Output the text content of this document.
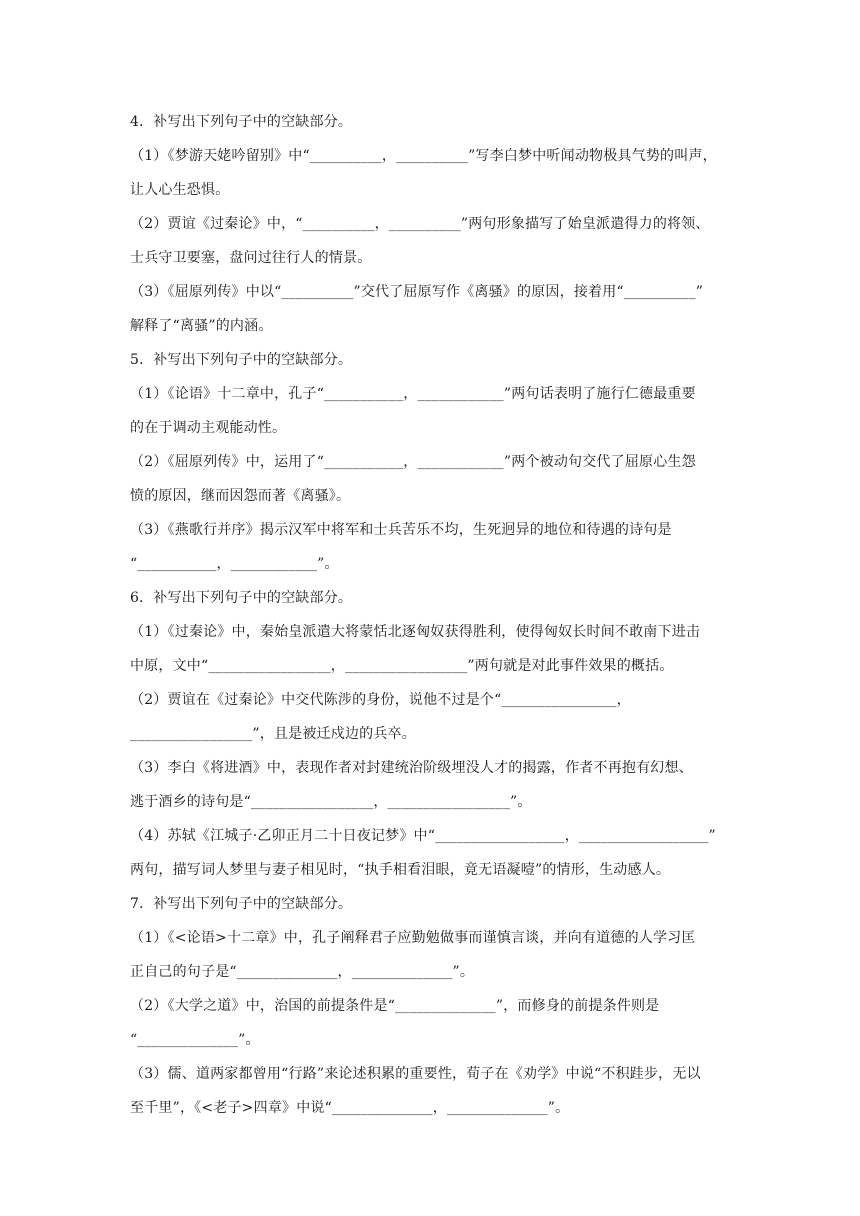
4．补写出下列句子中的空缺部分。
（1）《梦游天姥吟留别》中“__________，__________”写李白梦中听闻动物极具气势的叫声，
让人心生恐惧。
（2）贾谊《过秦论》中，“__________，__________”两句形象描写了始皇派遣得力的将领、
士兵守卫要塞，盘问过往行人的情景。
（3）《屈原列传》中以“__________”交代了屈原写作《离骚》的原因，接着用“__________”
解释了“离骚”的内涵。
5．补写出下列句子中的空缺部分。
（1）《论语》十二章中，孔子“___________，____________”两句话表明了施行仁德最重要
的在于调动主观能动性。
（2）《屈原列传》中，运用了“___________，____________”两个被动句交代了屈原心生怨
愤的原因，继而因怨而著《离骚》。
（3）《燕歌行并序》揭示汉军中将军和士兵苦乐不均，生死迥异的地位和待遇的诗句是
“___________，____________”。
6．补写出下列句子中的空缺部分。
（1）《过秦论》中，秦始皇派遣大将蒙恬北逐匈奴获得胜利，使得匈奴长时间不敢南下进击
中原，文中“_________________，_________________”两句就是对此事件效果的概括。
（2）贾谊在《过秦论》中交代陈涉的身份，说他不过是个“________________，
_________________”，且是被迁戍边的兵卒。
（3）李白《将进酒》中，表现作者对封建统治阶级埋没人才的揭露，作者不再抱有幻想、
逃于酒乡的诗句是“_________________，_________________”。
（4）苏轼《江城子·乙卯正月二十日夜记梦》中“__________________，__________________”
两句，描写词人梦里与妻子相见时，“执手相看泪眼，竟无语凝噎”的情形，生动感人。
7．补写出下列句子中的空缺部分。
（1）《<论语>十二章》中，孔子阐释君子应勤勉做事而谨慎言谈，并向有道德的人学习匡
正自己的句子是“______________，______________”。
（2）《大学之道》中，治国的前提条件是“______________”，而修身的前提条件则是
“______________”。
（3）儒、道两家都曾用“行路”来论述积累的重要性，荀子在《劝学》中说“不积跬步，无以
至千里”，《<老子>四章》中说“______________，______________”。
